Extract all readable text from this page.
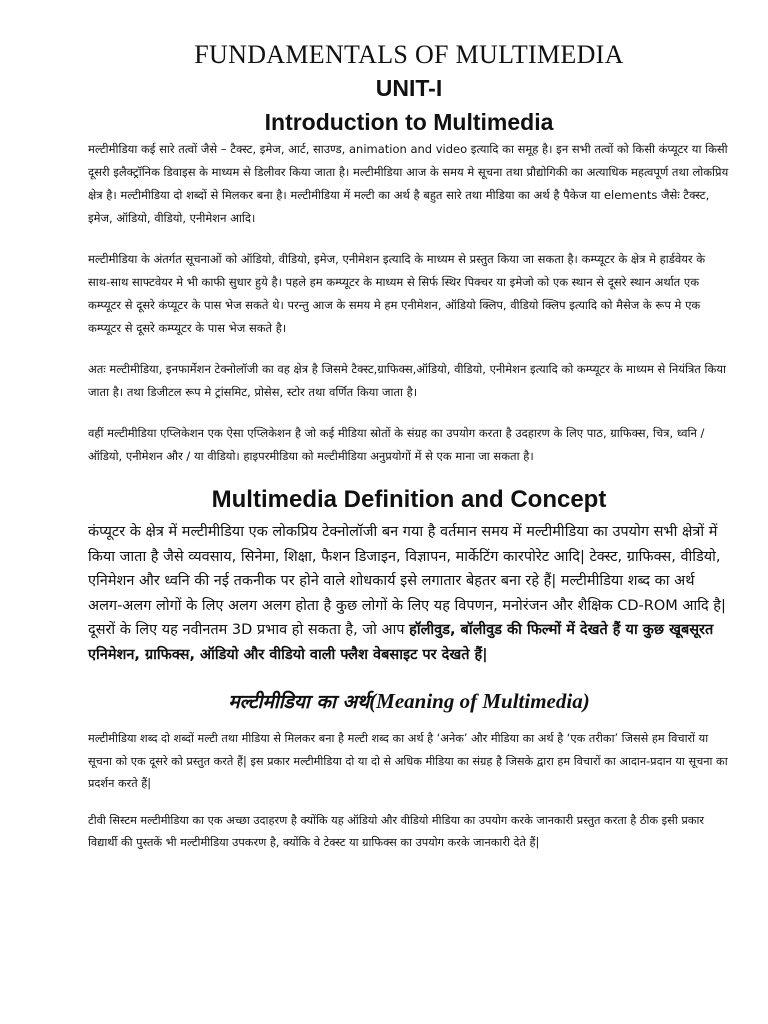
FUNDAMENTALS OF MULTIMEDIA
UNIT-I
Introduction to Multimedia

मल्टीमीडिया कई सारे तत्वों जैसे – टैक्स्ट, इमेज, आर्ट, साउण्ड, animation and video इत्यादि का समूह है। इन सभी तत्वों को किसी कंप्यूटर या किसी दूसरी इलैक्ट्रॉनिक डिवाइस के माध्यम से डिलीवर किया जाता है। मल्टीमीडिया आज के समय मे सूचना तथा प्रौद्योगिकी का अत्याधिक महत्वपूर्ण तथा लोकप्रिय क्षेत्र है। मल्टीमीडिया दो शब्दों से मिलकर बना है। मल्टीमीडिया में मल्टी का अर्थ है बहुत सारे तथा मीडिया का अर्थ है पैकेज या elements जैसेः टैक्स्ट, इमेज, ऑडियो, वीडियो, एनीमेशन आदि।

मल्टीमीडिया के अंतर्गत सूचनाओं को ऑडियो, वीडियो, इमेज, एनीमेशन इत्यादि के माध्यम से प्रस्तुत किया जा सकता है। कम्प्यूटर के क्षेत्र मे हार्डवेयर के साथ-साथ साफ्टवेयर मे भी काफी सुधार हुये है। पहले हम कम्प्यूटर के माध्यम से सिर्फ स्थिर पिक्चर या इमेजो को एक स्थान से दूसरे स्थान अर्थात एक कम्प्यूटर से दूसरे कंप्यूटर के पास भेज सकते थे। परन्तु आज के समय मे हम एनीमेशन, ऑडियो क्लिप, वीडियो क्लिप इत्यादि को मैसेज के रूप मे एक कम्प्यूटर से दूसरे कम्प्यूटर के पास भेज सकते है।

अतः मल्टीमीडिया, इनफार्मेशन टेक्नोलॉजी का वह क्षेत्र है जिसमे टैक्स्ट,ग्राफिक्स,ऑडियो, वीडियो, एनीमेशन इत्यादि को कम्प्यूटर के माध्यम से नियंत्रित किया जाता है। तथा डिजीटल रूप मे ट्रांसमिट, प्रोसेस, स्टोर तथा वर्णित किया जाता है।

वहीं मल्टीमीडिया एप्लिकेशन एक ऐसा एप्लिकेशन है जो कई मीडिया स्रोतों के संग्रह का उपयोग करता है उदहारण के लिए पाठ, ग्राफिक्स, चित्र, ध्वनि / ऑडियो, एनीमेशन और / या वीडियो। हाइपरमीडिया को मल्टीमीडिया अनुप्रयोगों में से एक माना जा सकता है।

Multimedia Definition and Concept

कंप्यूटर के क्षेत्र में मल्टीमीडिया एक लोकप्रिय टेक्नोलॉजी बन गया है वर्तमान समय में मल्टीमीडिया का उपयोग सभी क्षेत्रों में किया जाता है जैसे व्यवसाय, सिनेमा, शिक्षा, फैशन डिजाइन, विज्ञापन, मार्केटिंग कारपोरेट आदि| टेक्स्ट, ग्राफिक्स, वीडियो, एनिमेशन और ध्वनि की नई तकनीक पर होने वाले शोधकार्य इसे लगातार बेहतर बना रहे हैं| मल्टीमीडिया शब्द का अर्थ अलग-अलग लोगों के लिए अलग अलग होता है कुछ लोगों के लिए यह विपणन, मनोरंजन और शैक्षिक CD-ROM आदि है| दूसरों के लिए यह नवीनतम 3D प्रभाव हो सकता है, जो आप हॉलीवुड, बॉलीवुड की फिल्मों में देखते हैं या कुछ खूबसूरत एनिमेशन, ग्राफिक्स, ऑडियो और वीडियो वाली फ्लैश वेबसाइट पर देखते हैं|

मल्टीमीडिया का अर्थ(Meaning of Multimedia)

मल्टीमीडिया शब्द दो शब्दों मल्टी तथा मीडिया से मिलकर बना है मल्टी शब्द का अर्थ है ‘अनेक’ और मीडिया का अर्थ है ‘एक तरीका’ जिससे हम विचारों या सूचना को एक दूसरे को प्रस्तुत करते हैं| इस प्रकार मल्टीमीडिया दो या दो से अधिक मीडिया का संग्रह है जिसके द्वारा हम विचारों का आदान-प्रदान या सूचना का प्रदर्शन करते हैं|

टीवी सिस्टम मल्टीमीडिया का एक अच्छा उदाहरण है क्योंकि यह ऑडियो और वीडियो मीडिया का उपयोग करके जानकारी प्रस्तुत करता है ठीक इसी प्रकार विद्यार्थी की पुस्तकें भी मल्टीमीडिया उपकरण है, क्योंकि वे टेक्स्ट या ग्राफिक्स का उपयोग करके जानकारी देते हैं|
